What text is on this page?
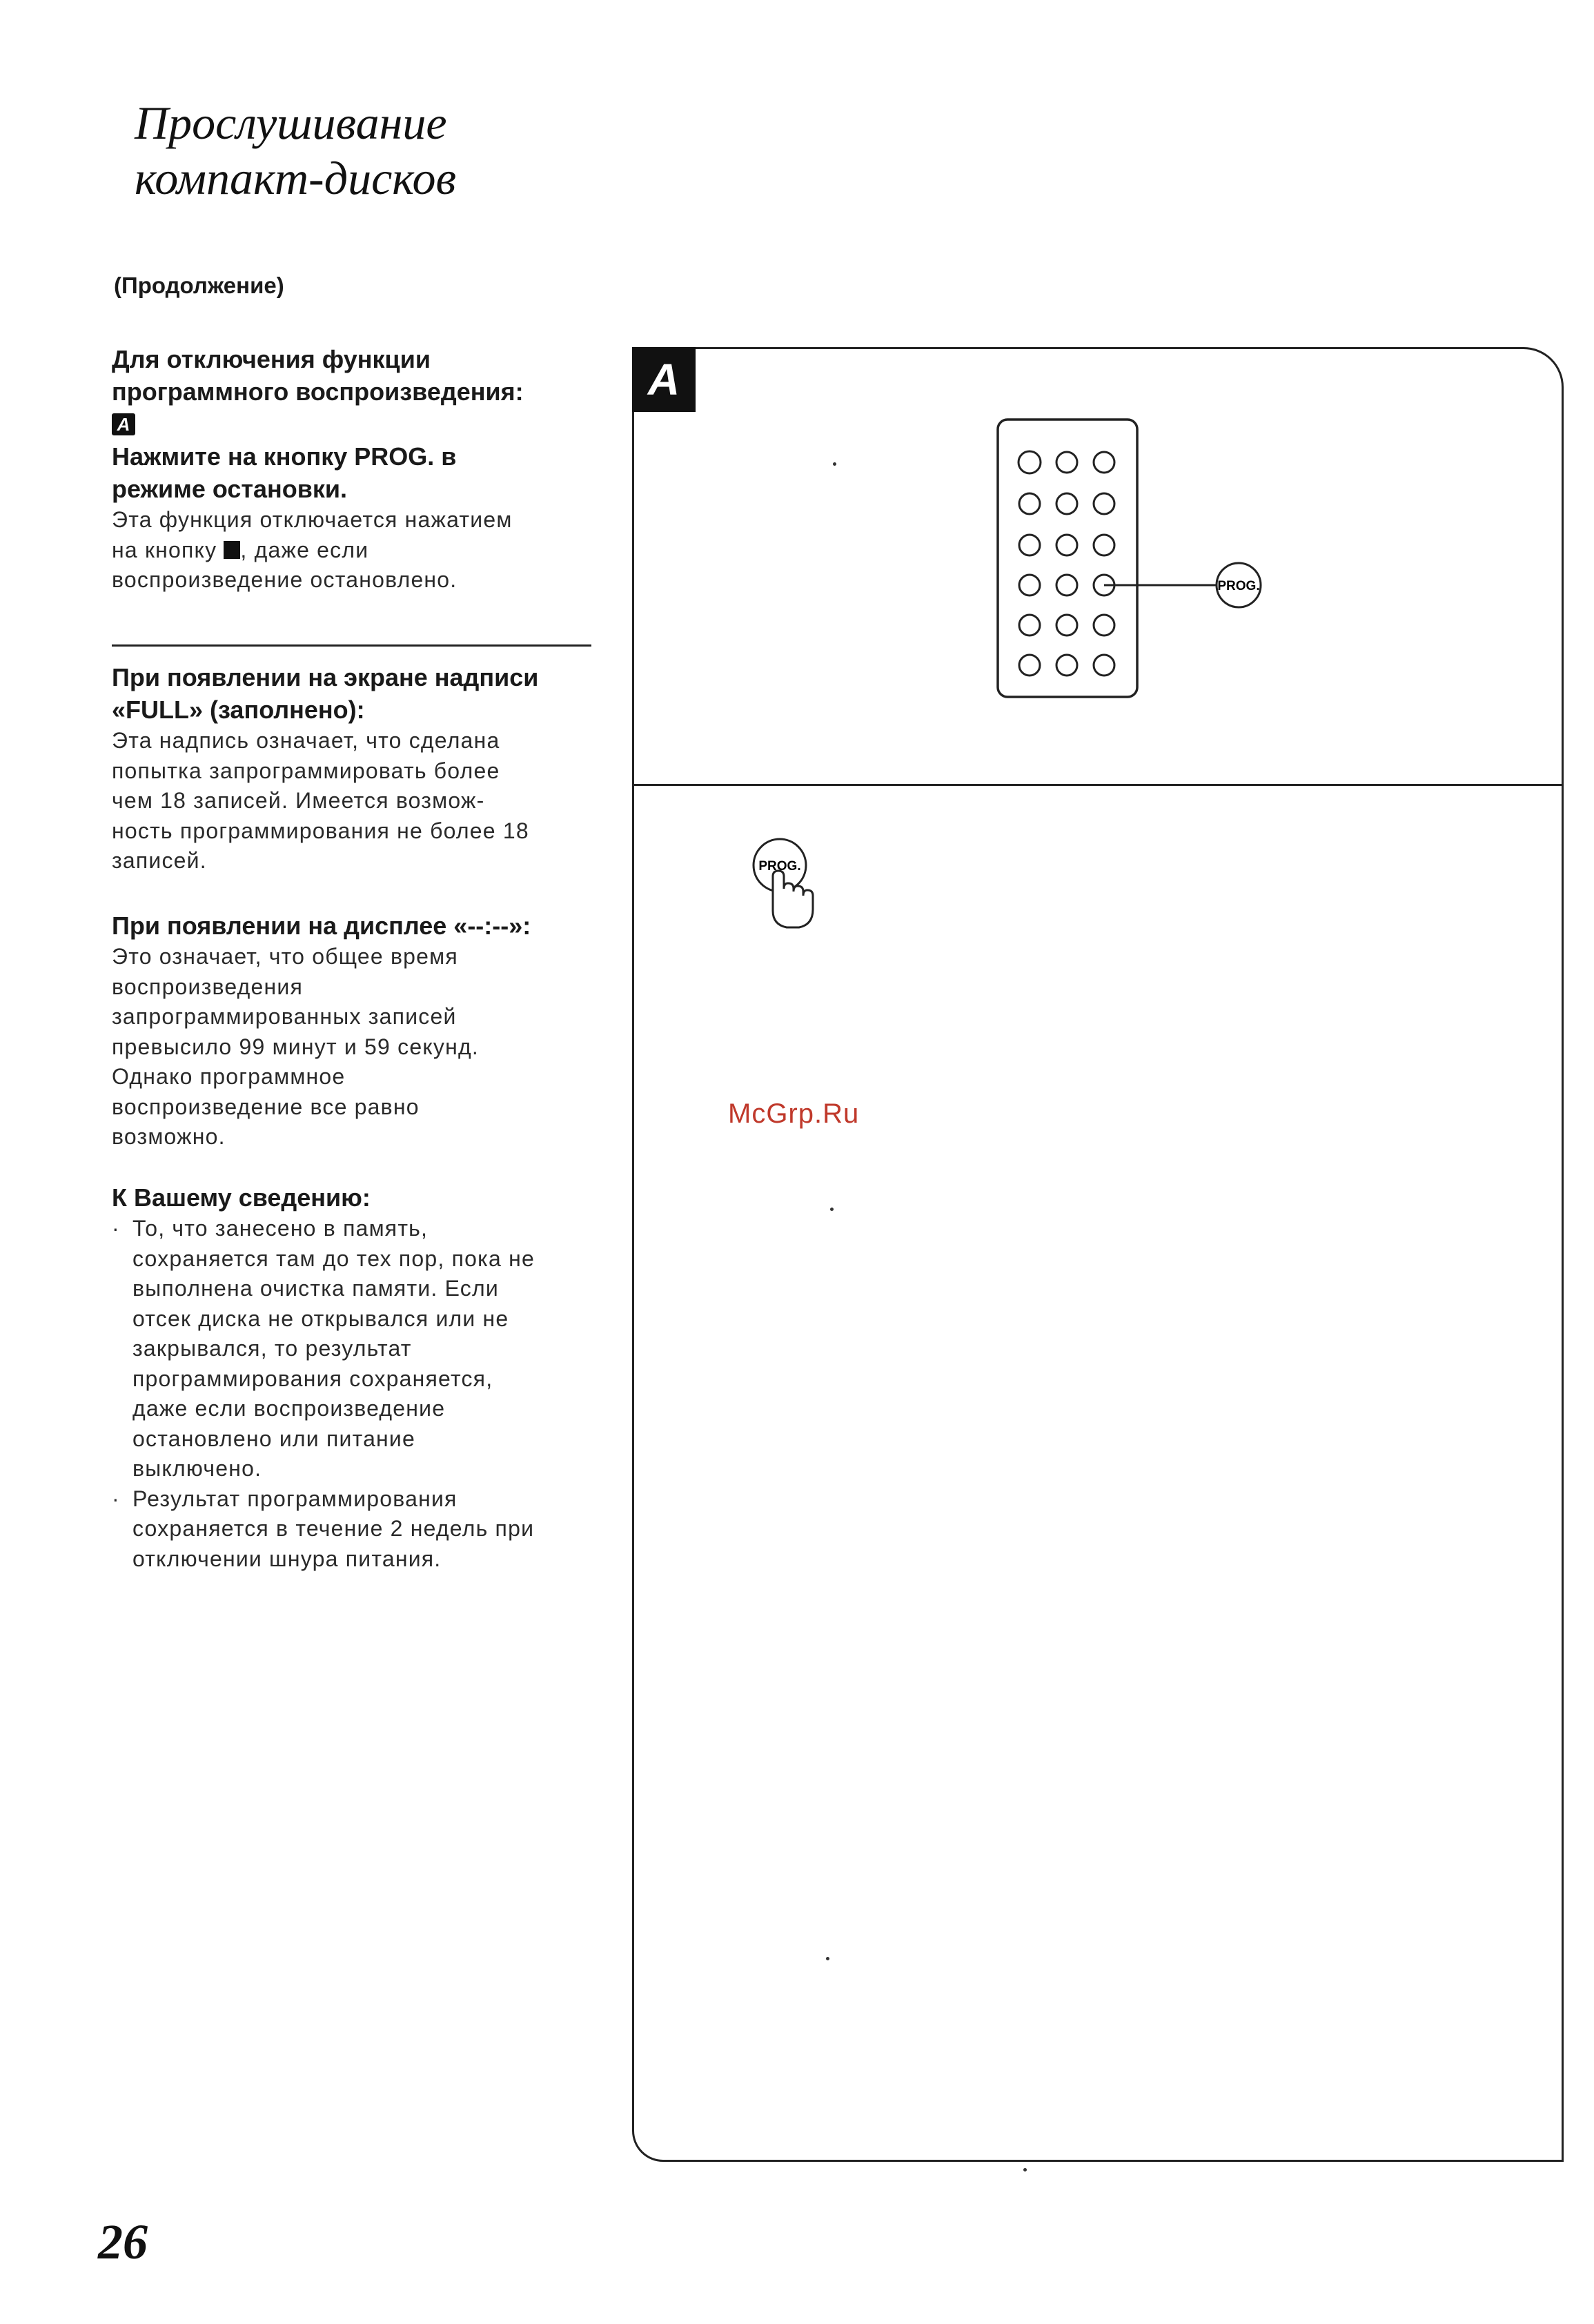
Прослушивание
компакт-дисков
(Продолжение)

Для отключения функции

программного воспроизведения:

A

Нажмите на кнопку PROG. в

режиме остановки.

Эта функция отключается нажатием

на кнопку , даже если

воспроизведение остановлено.

При появлении на экране надписи

«FULL» (заполнено):

Эта надпись означает, что сделана

попытка запрограммировать более

чем 18 записей. Имеется возмож-

ность программирования не более 18

записей.

При появлении на дисплее «--:--»:

Это означает, что общее время

воспроизведения

запрограммированных записей

превысило 99 минут и 59 секунд.

Однако программное

воспроизведение все равно

возможно.

К Вашему сведению:

· То, что занесено в память,

сохраняется там до тех пор, пока не

выполнена очистка памяти. Если

отсек диска не открывался или не

закрывался, то результат

программирования сохраняется,

даже если воспроизведение

остановлено или питание

выключено.

· Результат программирования

сохраняется в течение 2 недель при

отключении шнура питания.

A
PROG.
PROG.
McGrp.Ru
26
